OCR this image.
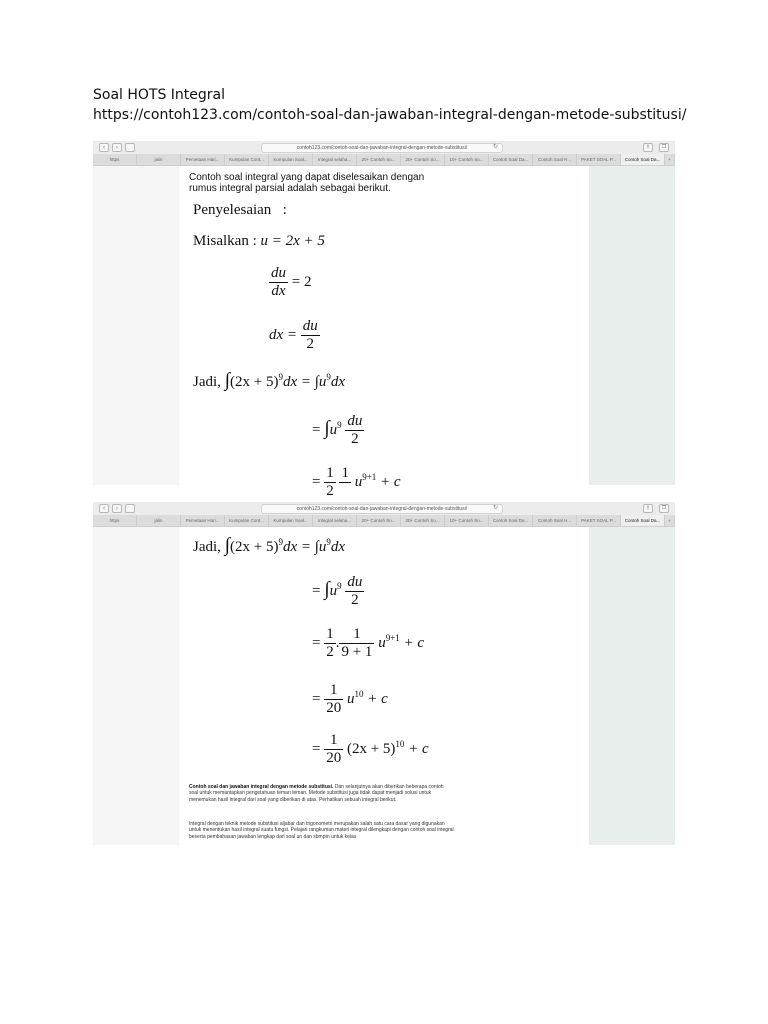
Soal HOTS Integral
https://contoh123.com/contoh-soal-dan-jawaban-integral-dengan-metode-substitusi/
‹	›	contoh123.com/contoh-soal-dan-jawaban-integral-dengan-metode-substitusi/	↻	⇧	❐
https	jalin	Pemetaan Hari...	Kumpulan Cont...	Kumpulan Soal...	Integral selaha...	20+ Contoh So...	20+ Contoh So...	10+ Contoh So...	Contoh Soal Da...	Contoh Soal H...	PAKET SOAL P...	Contoh Soal Da...	+
Contoh soal integral yang dapat diselesaikan dengan rumus integral parsial adalah sebagai berikut.
Penyelesaian :
Misalkan : u = 2x + 5
$\frac{du}{dx} = 2$
dx = $\frac{du}{2}$
Jadi, $\int(2x + 5)^9dx = \int u^9dx$
= $\int u^9 \frac{du}{2}$
= $\frac{1}{2}$
1

$u^{9+1} + c$
‹	›	contoh123.com/contoh-soal-dan-jawaban-integral-dengan-metode-substitusi/	↻	⇧	❐
https	jalin	Pemetaan Hari...	Kumpulan Cont...	Kumpulan Soal...	Integral selaha...	20+ Contoh So...	20+ Contoh So...	10+ Contoh So...	Contoh Soal Da...	Contoh Soal H...	PAKET SOAL P...	Contoh Soal Da...	+
Jadi, $\int(2x + 5)^9dx = \int u^9dx$
= $\int u^9 \frac{du}{2}$
= $\frac{1}{2}$ . $\frac{1}{9 + 1} u^{9+1} + c$
= $\frac{1}{20} u^{10} + c$
= $\frac{1}{20} (2x + 5)^{10} + c$
Contoh soal dan jawaban integral dengan metode substitusi. Dan selanjutnya akan diberikan beberapa contoh soal untuk memantapkan pengetahuan teman teman. Metode substitusi juga tidak dapat menjadi solusi untuk menemukan hasil integral dari soal yang diberikan di atas. Perhatikan sebuah integral berikut.
Integral dengan teknik metode substitusi aljabar dan trigonometri merupakan salah satu cara dasar yang digunakan untuk menentukan hasil integral suatu fungsi. Pelajari rangkuman materi integral dilengkapi dengan contoh soal integral beserta pembahasan jawaban lengkap dari soal un dan sbmptn untuk kelas
